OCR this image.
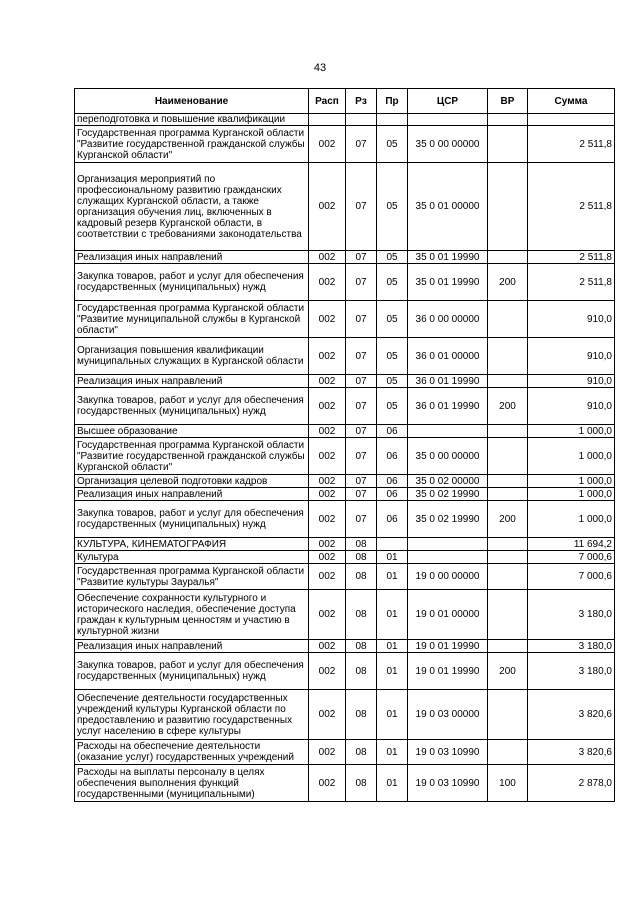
43
Наименование	Расп	Рз	Пр	ЦСР	ВР	Сумма
переподготовка и повышение квалификации						
Государственная программа Курганской области "Развитие государственной гражданской службы Курганской области"	002	07	05	35 0 00 00000		2 511,8
Организация мероприятий по профессиональному развитию гражданских служащих Курганской области, а также организация обучения лиц, включенных в кадровый резерв Курганской области, в соответствии с требованиями законодательства	002	07	05	35 0 01 00000		2 511,8
Реализация иных направлений	002	07	05	35 0 01 19990		2 511,8
Закупка товаров, работ и услуг для обеспечения государственных (муниципальных) нужд	002	07	05	35 0 01 19990	200	2 511,8
Государственная программа Курганской области "Развитие муниципальной службы в Курганской области"	002	07	05	36 0 00 00000		910,0
Организация повышения квалификации муниципальных служащих в Курганской области	002	07	05	36 0 01 00000		910,0
Реализация иных направлений	002	07	05	36 0 01 19990		910,0
Закупка товаров, работ и услуг для обеспечения государственных (муниципальных) нужд	002	07	05	36 0 01 19990	200	910,0
Высшее образование	002	07	06			1 000,0
Государственная программа Курганской области "Развитие государственной гражданской службы Курганской области"	002	07	06	35 0 00 00000		1 000,0
Организация целевой подготовки кадров	002	07	06	35 0 02 00000		1 000,0
Реализация иных направлений	002	07	06	35 0 02 19990		1 000,0
Закупка товаров, работ и услуг для обеспечения государственных (муниципальных) нужд	002	07	06	35 0 02 19990	200	1 000,0
КУЛЬТУРА, КИНЕМАТОГРАФИЯ	002	08				11 694,2
Культура	002	08	01			7 000,6
Государственная программа Курганской области "Развитие культуры Зауралья"	002	08	01	19 0 00 00000		7 000,6
Обеспечение сохранности культурного и исторического наследия, обеспечение доступа граждан к культурным ценностям и участию в культурной жизни	002	08	01	19 0 01 00000		3 180,0
Реализация иных направлений	002	08	01	19 0 01 19990		3 180,0
Закупка товаров, работ и услуг для обеспечения государственных (муниципальных) нужд	002	08	01	19 0 01 19990	200	3 180,0
Обеспечение деятельности государственных учреждений культуры Курганской области по предоставлению и развитию государственных услуг населению в сфере культуры	002	08	01	19 0 03 00000		3 820,6
Расходы на обеспечение деятельности (оказание услуг) государственных учреждений	002	08	01	19 0 03 10990		3 820,6
Расходы на выплаты персоналу в целях обеспечения выполнения функций государственными (муниципальными)	002	08	01	19 0 03 10990	100	2 878,0
